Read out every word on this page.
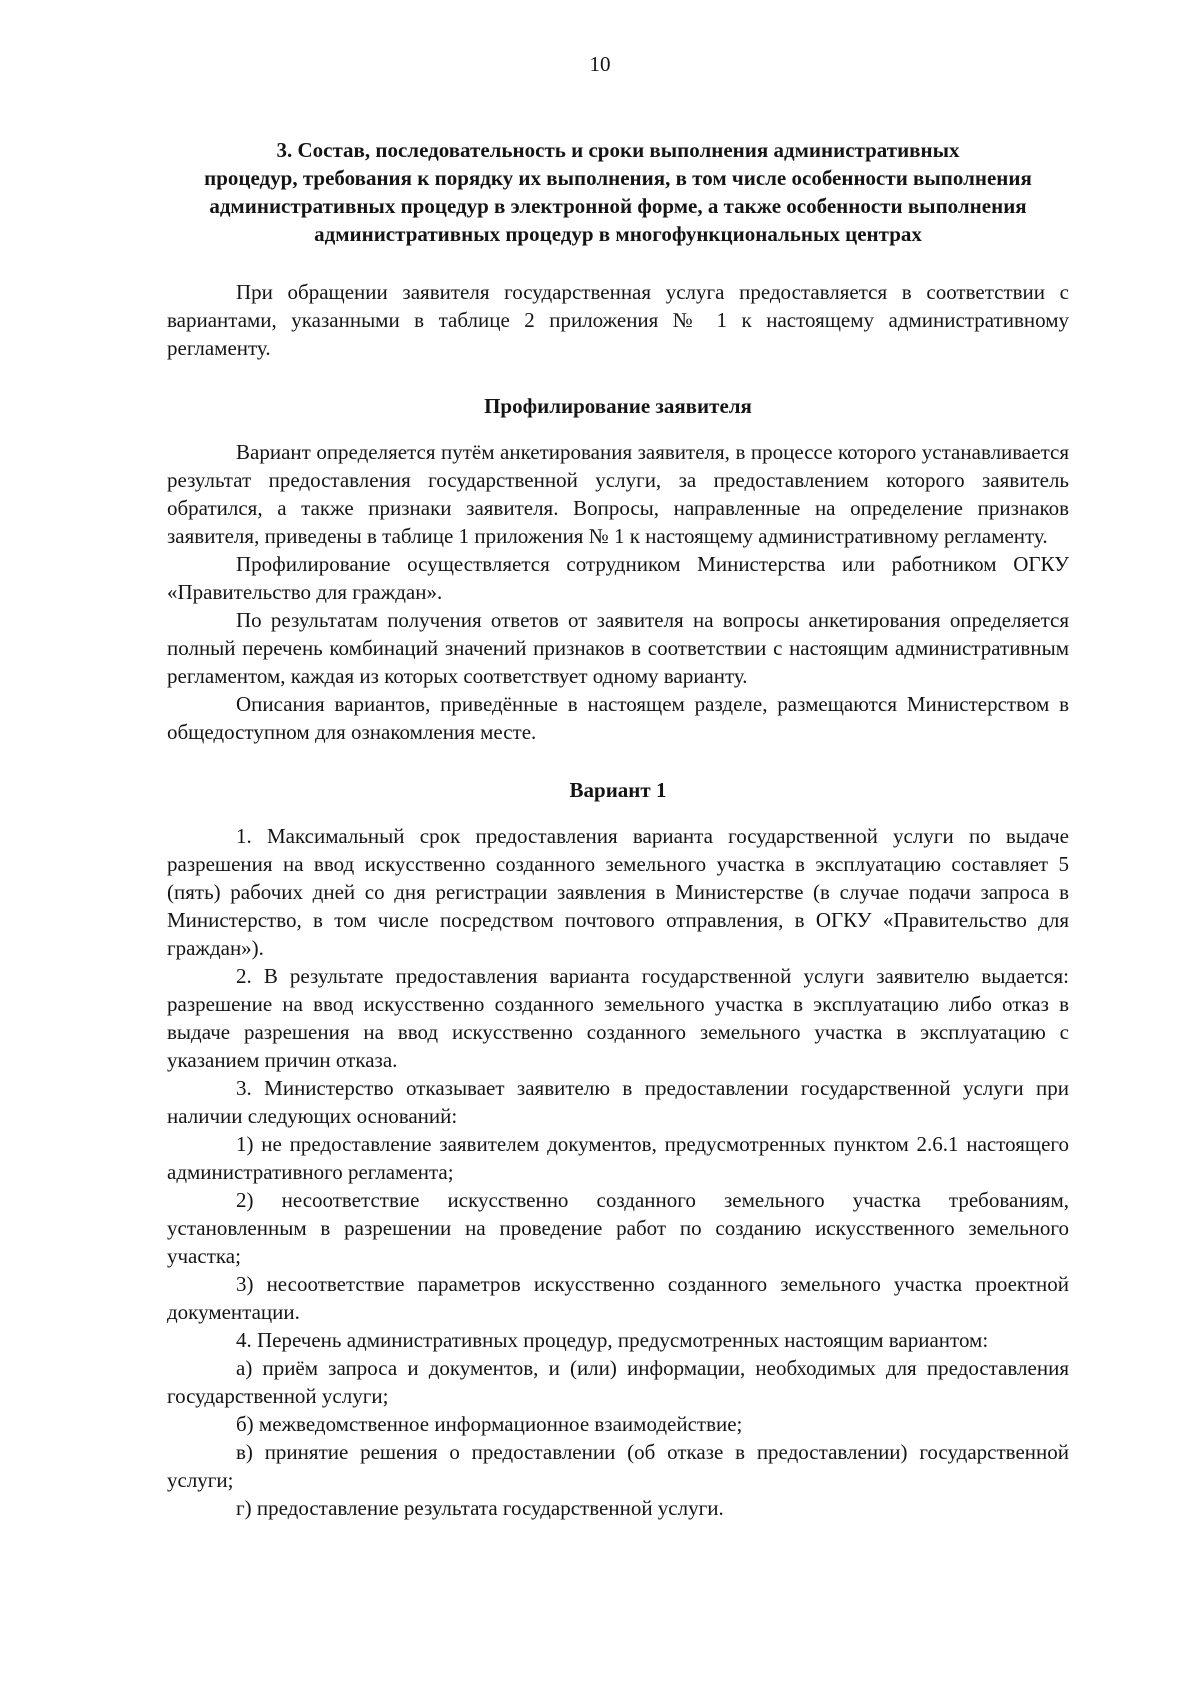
10
3. Состав, последовательность и сроки выполнения административных
процедур, требования к порядку их выполнения, в том числе особенности выполнения
административных процедур в электронной форме, а также особенности выполнения
административных процедур в многофункциональных центрах

При обращении заявителя государственная услуга предоставляется в соответствии с вариантами, указанными в таблице 2 приложения № 1 к настоящему административному регламенту.

Профилирование заявителя

Вариант определяется путём анкетирования заявителя, в процессе которого устанавливается результат предоставления государственной услуги, за предоставлением которого заявитель обратился, а также признаки заявителя. Вопросы, направленные на определение признаков заявителя, приведены в таблице 1 приложения № 1 к настоящему административному регламенту.

Профилирование осуществляется сотрудником Министерства или работником ОГКУ «Правительство для граждан».

По результатам получения ответов от заявителя на вопросы анкетирования определяется полный перечень комбинаций значений признаков в соответствии с настоящим административным регламентом, каждая из которых соответствует одному варианту.

Описания вариантов, приведённые в настоящем разделе, размещаются Министерством в общедоступном для ознакомления месте.

Вариант 1

1. Максимальный срок предоставления варианта государственной услуги по выдаче разрешения на ввод искусственно созданного земельного участка в эксплуатацию составляет 5 (пять) рабочих дней со дня регистрации заявления в Министерстве (в случае подачи запроса в Министерство, в том числе посредством почтового отправления, в ОГКУ «Правительство для граждан»).

2. В результате предоставления варианта государственной услуги заявителю выдается: разрешение на ввод искусственно созданного земельного участка в эксплуатацию либо отказ в выдаче разрешения на ввод искусственно созданного земельного участка в эксплуатацию с указанием причин отказа.

3. Министерство отказывает заявителю в предоставлении государственной услуги при наличии следующих оснований:

1) не предоставление заявителем документов, предусмотренных пунктом 2.6.1 настоящего административного регламента;

2) несоответствие искусственно созданного земельного участка требованиям, установленным в разрешении на проведение работ по созданию искусственного земельного участка;

3) несоответствие параметров искусственно созданного земельного участка проектной документации.

4. Перечень административных процедур, предусмотренных настоящим вариантом:

а) приём запроса и документов, и (или) информации, необходимых для предоставления государственной услуги;

б) межведомственное информационное взаимодействие;

в) принятие решения о предоставлении (об отказе в предоставлении) государственной услуги;

г) предоставление результата государственной услуги.
